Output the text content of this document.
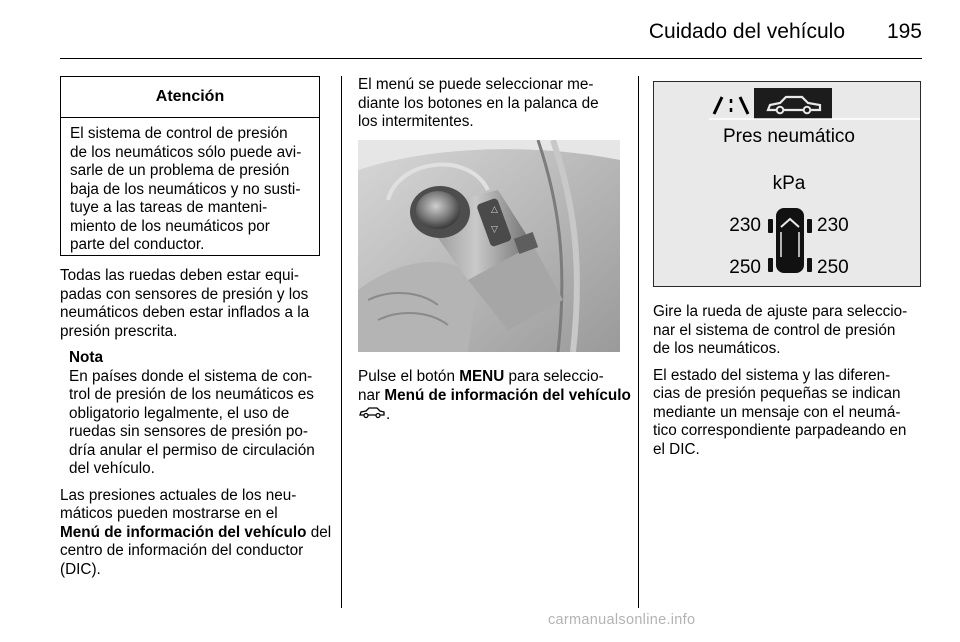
Cuidado del vehículo	195
Atención
El sistema de control de presión
de los neumáticos sólo puede avi-
sarle de un problema de presión
baja de los neumáticos y no susti-
tuye a las tareas de manteni-
miento de los neumáticos por
parte del conductor.

Todas las ruedas deben estar equi-
padas con sensores de presión y los
neumáticos deben estar inflados a la
presión prescrita.

Nota
En países donde el sistema de con-
trol de presión de los neumáticos es
obligatorio legalmente, el uso de
ruedas sin sensores de presión po-
dría anular el permiso de circulación
del vehículo.

Las presiones actuales de los neu-
máticos pueden mostrarse en el
Menú de información del vehículo del
centro de información del conductor
(DIC).

El menú se puede seleccionar me-
diante los botones en la palanca de
los intermitentes.
△
▽
Pulse el botón MENU para seleccio-
nar Menú de información del vehículo
.
Pres neumático
kPa
230	230
250	250

Gire la rueda de ajuste para seleccio-
nar el sistema de control de presión
de los neumáticos.

El estado del sistema y las diferen-
cias de presión pequeñas se indican
mediante un mensaje con el neumá-
tico correspondiente parpadeando en
el DIC.

carmanualsonline.info
